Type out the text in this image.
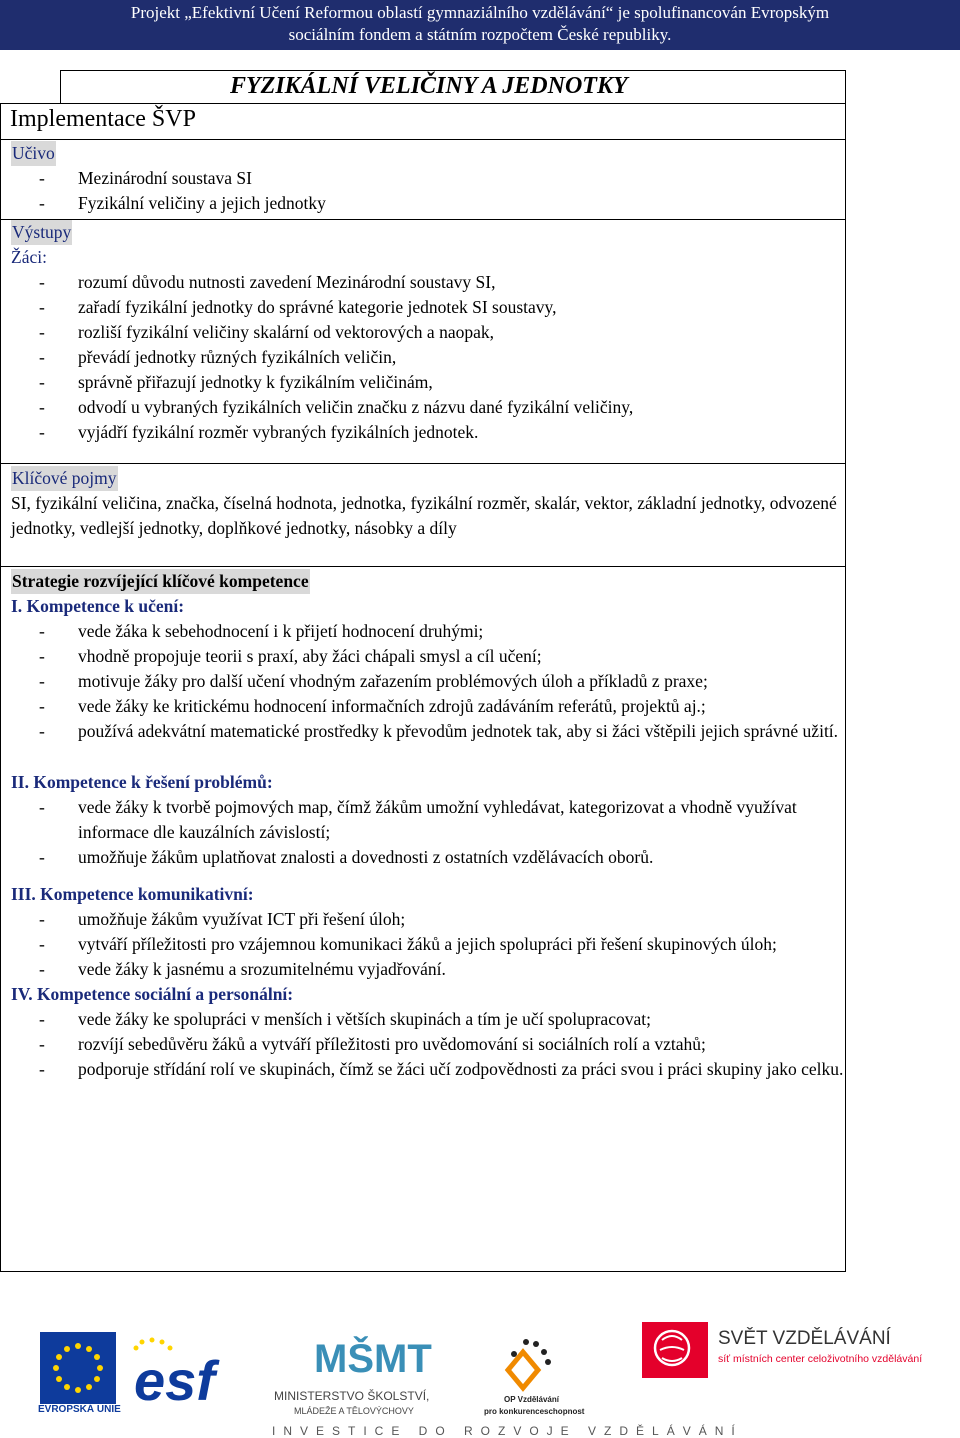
Projekt „Efektivní Učení Reformou oblastí gymnaziálního vzdělávání“ je spolufinancován Evropským
sociálním fondem a státním rozpočtem České republiky.
FYZIKÁLNÍ VELIČINY A JEDNOTKY
Implementace ŠVP
Učivo
- Mezinárodní soustava SI
- Fyzikální veličiny a jejich jednotky
Výstupy
Žáci:
- rozumí důvodu nutnosti zavedení Mezinárodní soustavy SI,
- zařadí fyzikální jednotky do správné kategorie jednotek SI soustavy,
- rozliší fyzikální veličiny skalární od vektorových a naopak,
- převádí jednotky různých fyzikálních veličin,
- správně přiřazují jednotky k fyzikálním veličinám,
- odvodí u vybraných fyzikálních veličin značku z názvu dané fyzikální veličiny,
- vyjádří fyzikální rozměr vybraných fyzikálních jednotek.
Klíčové pojmy
SI, fyzikální veličina, značka, číselná hodnota, jednotka, fyzikální rozměr, skalár, vektor, základní jednotky, odvozené jednotky, vedlejší jednotky, doplňkové jednotky, násobky a díly
Strategie rozvíjející klíčové kompetence
I. Kompetence k učení:
- vede žáka k sebehodnocení i k přijetí hodnocení druhými;
- vhodně propojuje teorii s praxí, aby žáci chápali smysl a cíl učení;
- motivuje žáky pro další učení vhodným zařazením problémových úloh a příkladů z praxe;
- vede žáky ke kritickému hodnocení informačních zdrojů zadáváním referátů, projektů aj.;
- používá adekvátní matematické prostředky k převodům jednotek tak, aby si žáci vštěpili jejich správné užití.
II. Kompetence k řešení problémů:
- vede žáky k tvorbě pojmových map, čímž žákům umožní vyhledávat, kategorizovat a vhodně využívat informace dle kauzálních závislostí;
- umožňuje žákům uplatňovat znalosti a dovednosti z ostatních vzdělávacích oborů.
III. Kompetence komunikativní:
- umožňuje žákům využívat ICT při řešení úloh;
- vytváří příležitosti pro vzájemnou komunikaci žáků a jejich spolupráci při řešení skupinových úloh;
- vede žáky k jasnému a srozumitelnému vyjadřování.
IV. Kompetence sociální a personální:
- vede žáky ke spolupráci v menších i větších skupinách a tím je učí spolupracovat;
- rozvíjí sebedůvěru žáků a vytváří příležitosti pro uvědomování si sociálních rolí a vztahů;
- podporuje střídání rolí ve skupinách, čímž se žáci učí zodpovědnosti za práci svou i práci skupiny jako celku.
EVROPSKÁ UNIE esf MŠMT
MINISTERSTVO ŠKOLSTVÍ,
MLÁDEŽE A TĚLOVÝCHOVY
OP Vzdělávání
pro konkurenceschopnost
SVĚT VZDĚLÁVÁNÍ
síť místních center celoživotního vzdělávání
INVESTICE DO ROZVOJE VZDĚLÁVÁNÍ
